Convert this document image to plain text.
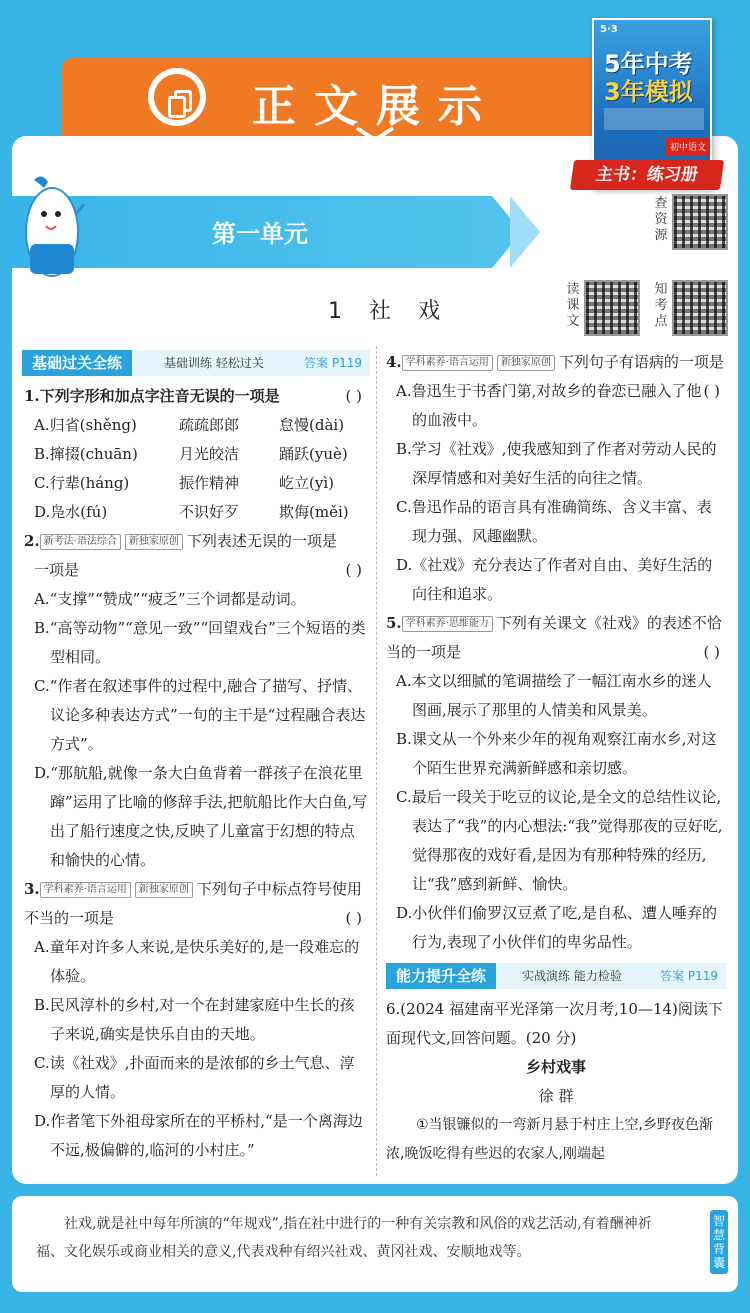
正文展示
第一单元
查资源
读课文
知考点
1 社 戏
基础过关全练	基础训练 轻松过关	答案 P119
( )
1.下列字形和加点字注音无误的一项是
A.归省(shěng)	疏疏郎郎	怠慢(dài)
B.撺掇(chuān)	月光皎洁	踊跃(yuè)
C.行辈(háng)	振作精神	屹立(yì)
D.凫水(fú)	不识好歹	欺侮(měi)
2. 新考法·语法综合 新独家原创 下列表述无误的一项是
一项是	( )
A.“支撑”“赞成”“疲乏”三个词都是动词。
B.“高等动物”“意见一致”“回望戏台”三个短语的类型相同。
C.“作者在叙述事件的过程中,融合了描写、抒情、议论多种表达方式”一句的主干是“过程融合表达方式”。
D.“那航船,就像一条大白鱼背着一群孩子在浪花里蹿”运用了比喻的修辞手法,把航船比作大白鱼,写出了船行速度之快,反映了儿童富于幻想的特点和愉快的心情。
3. 学科素养·语言运用 新独家原创 下列句子中标点符号使用不当的一项是	( )
A.童年对许多人来说,是快乐美好的,是一段难忘的体验。
B.民风淳朴的乡村,对一个在封建家庭中生长的孩子来说,确实是快乐自由的天地。
C.读《社戏》,扑面而来的是浓郁的乡土气息、淳厚的人情。
D.作者笔下外祖母家所在的平桥村,“是一个离海边不远,极偏僻的,临河的小村庄。”
4. 学科素养·语言运用 新独家原创 下列句子有语病的一项是
( )
A.鲁迅生于书香门第,对故乡的眷恋已融入了他的血液中。
B.学习《社戏》,使我感知到了作者对劳动人民的深厚情感和对美好生活的向往之情。
C.鲁迅作品的语言具有准确简练、含义丰富、表现力强、风趣幽默。
D.《社戏》充分表达了作者对自由、美好生活的向往和追求。
5. 学科素养·思维能力 下列有关课文《社戏》的表述不恰当的一项是	( )
A.本文以细腻的笔调描绘了一幅江南水乡的迷人图画,展示了那里的人情美和风景美。
B.课文从一个外来少年的视角观察江南水乡,对这个陌生世界充满新鲜感和亲切感。
C.最后一段关于吃豆的议论,是全文的总结性议论,表达了“我”的内心想法:“我”觉得那夜的豆好吃,觉得那夜的戏好看,是因为有那种特殊的经历,让“我”感到新鲜、愉快。
D.小伙伴们偷罗汉豆煮了吃,是自私、遭人唾弃的行为,表现了小伙伴们的卑劣品性。
能力提升全练	实战演练 能力检验	答案 P119
6.(2024 福建南平光泽第一次月考,10—14)阅读下面现代文,回答问题。(20 分)
乡村戏事
徐 群
①当银镰似的一弯新月悬于村庄上空,乡野夜色渐浓,晚饭吃得有些迟的农家人,刚端起
5·3
5年中考
3年模拟
初中语文
主书：练习册
社戏,就是社中每年所演的“年规戏”,指在社中进行的一种有关宗教和风俗的戏艺活动,有着酬神祈福、文化娱乐或商业相关的意义,代表戏种有绍兴社戏、黄冈社戏、安顺地戏等。
智慧背囊
